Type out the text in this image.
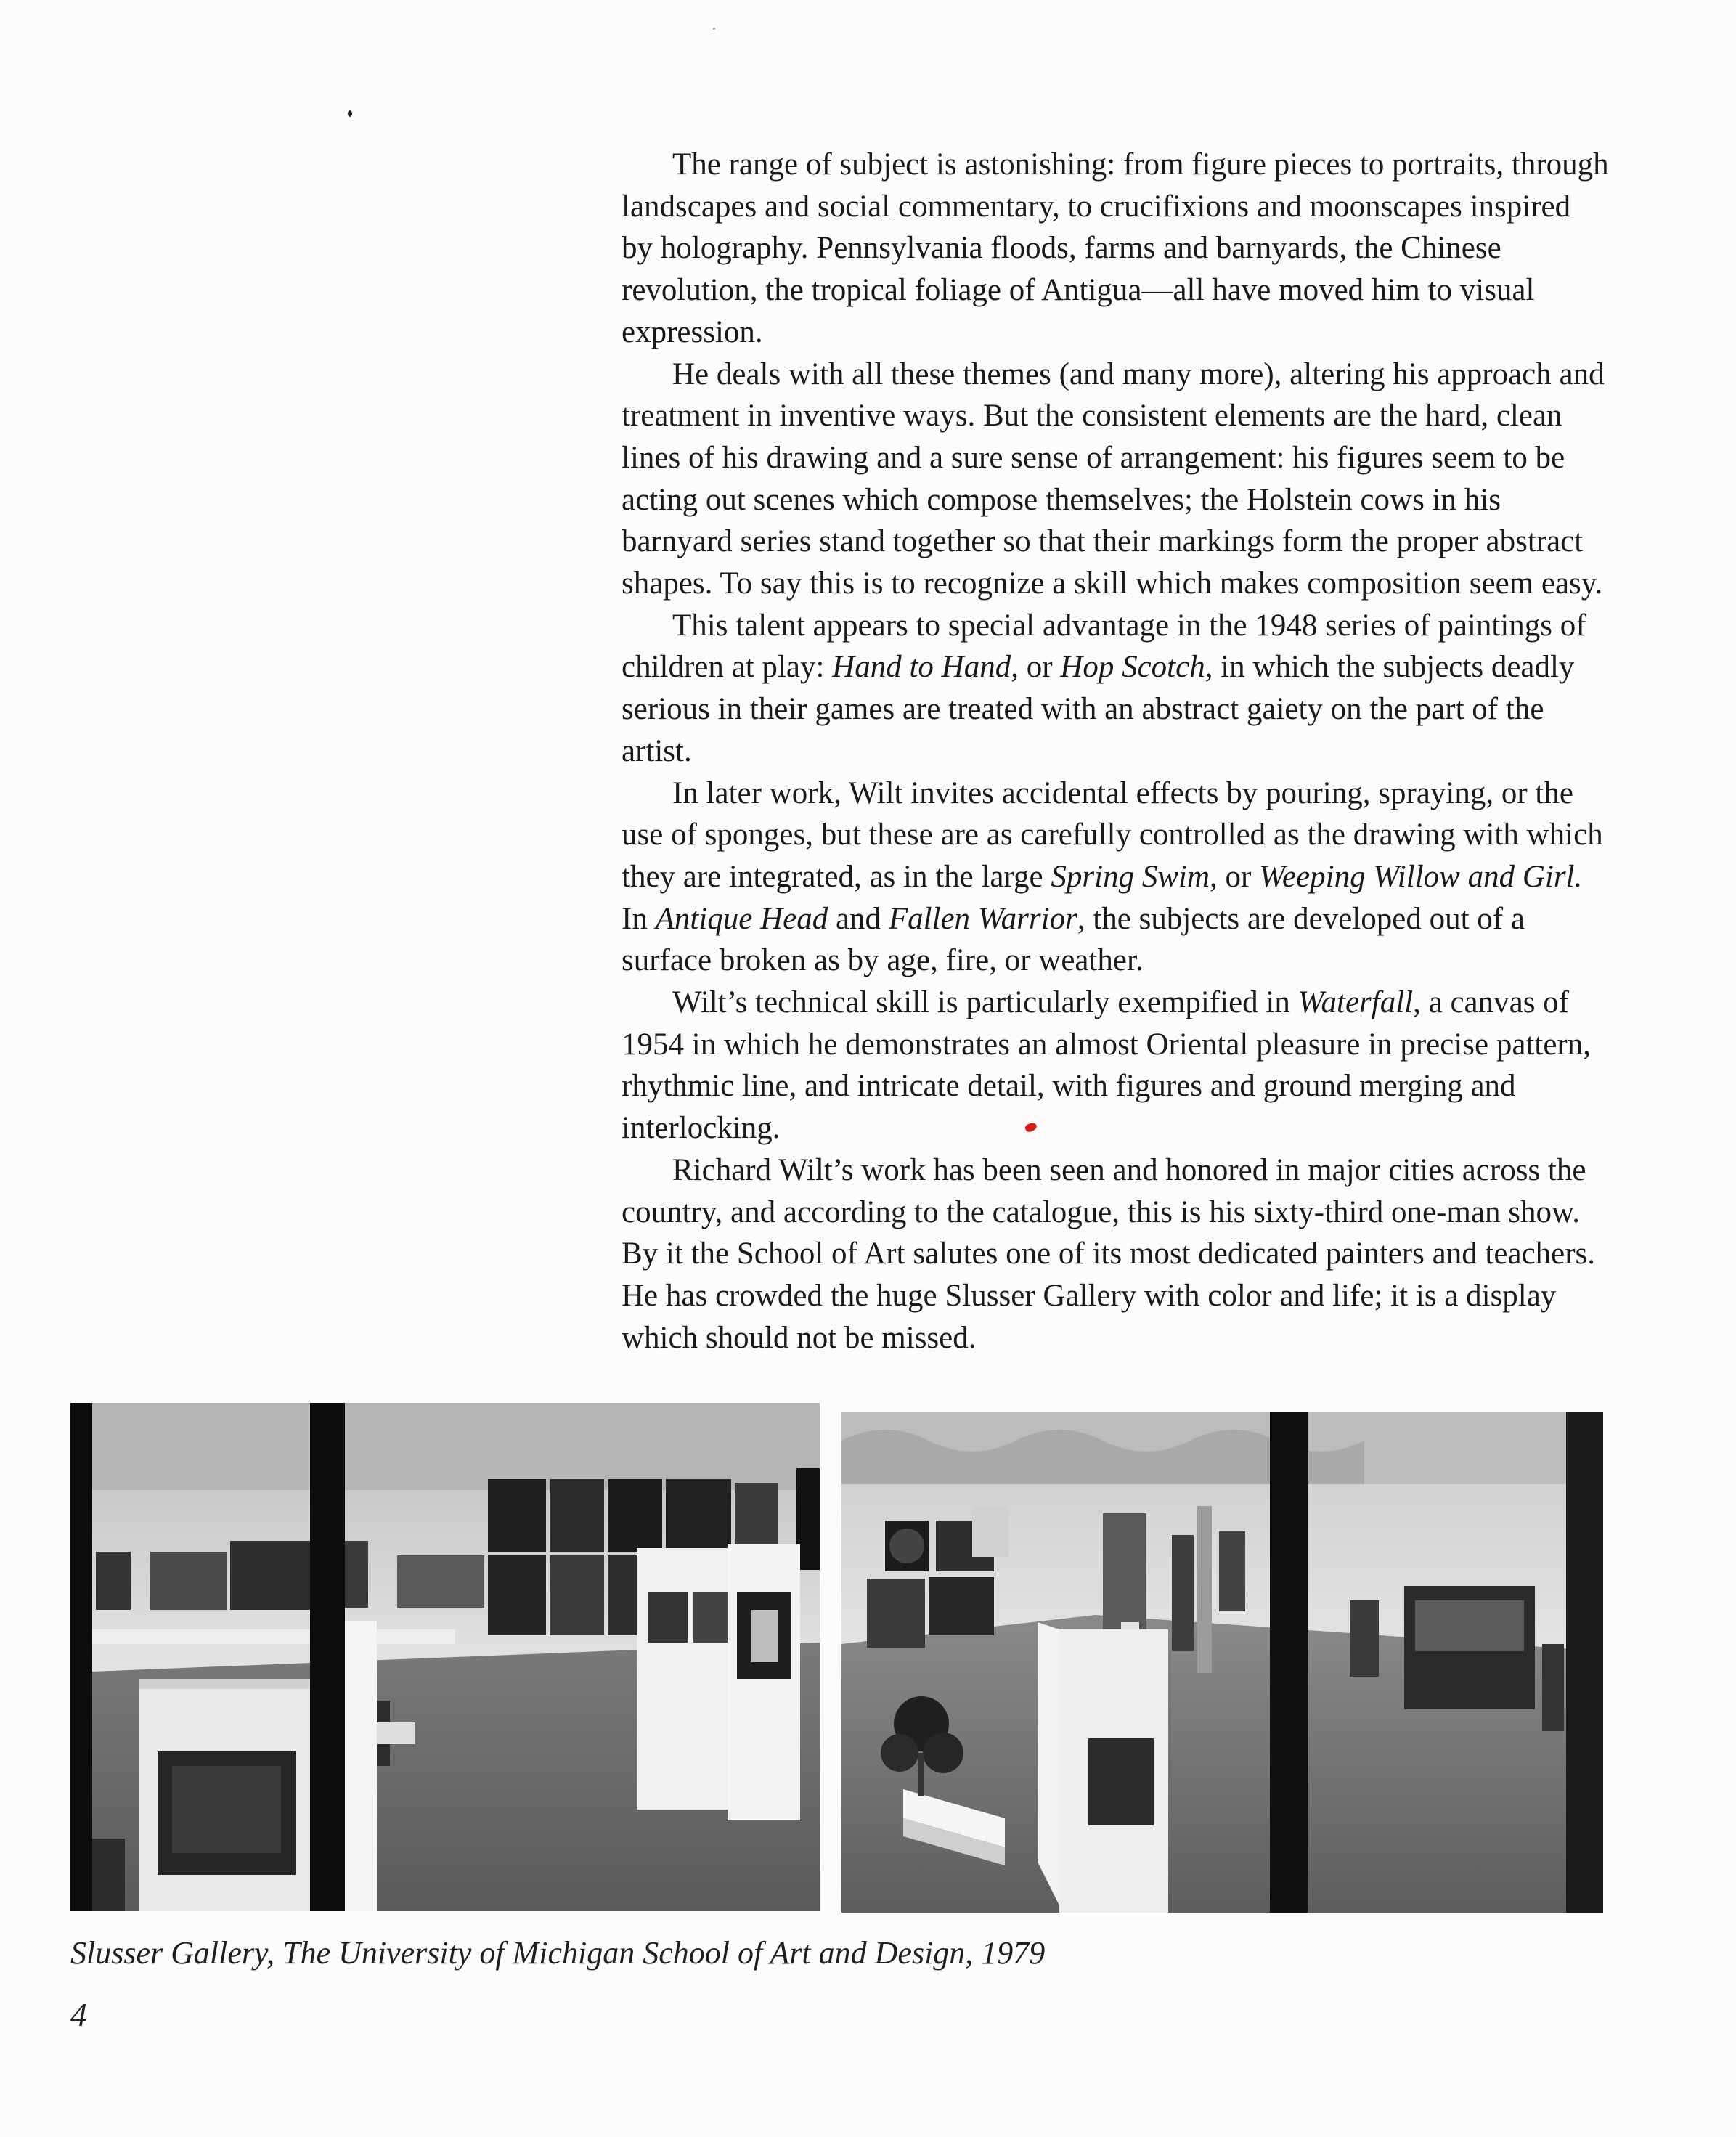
The range of subject is astonishing: from figure pieces to portraits, through landscapes and social commentary, to crucifixions and moonscapes inspired by holography. Pennsylvania floods, farms and barnyards, the Chinese revolution, the tropical foliage of Antigua—all have moved him to visual expression.

He deals with all these themes (and many more), altering his approach and treatment in inventive ways. But the consistent elements are the hard, clean lines of his drawing and a sure sense of arrangement: his figures seem to be acting out scenes which compose themselves; the Holstein cows in his barnyard series stand together so that their markings form the proper abstract shapes. To say this is to recognize a skill which makes composition seem easy.

This talent appears to special advantage in the 1948 series of paintings of children at play: Hand to Hand, or Hop Scotch, in which the subjects deadly serious in their games are treated with an abstract gaiety on the part of the artist.

In later work, Wilt invites accidental effects by pouring, spraying, or the use of sponges, but these are as carefully controlled as the drawing with which they are integrated, as in the large Spring Swim, or Weeping Willow and Girl. In Antique Head and Fallen Warrior, the subjects are developed out of a surface broken as by age, fire, or weather.

Wilt’s technical skill is particularly exempified in Waterfall, a canvas of 1954 in which he demonstrates an almost Oriental pleasure in precise pattern, rhythmic line, and intricate detail, with figures and ground merging and interlocking.

Richard Wilt’s work has been seen and honored in major cities across the country, and according to the catalogue, this is his sixty-third one-man show. By it the School of Art salutes one of its most dedicated painters and teachers. He has crowded the huge Slusser Gallery with color and life; it is a display which should not be missed.

Slusser Gallery, The University of Michigan School of Art and Design, 1979
4
